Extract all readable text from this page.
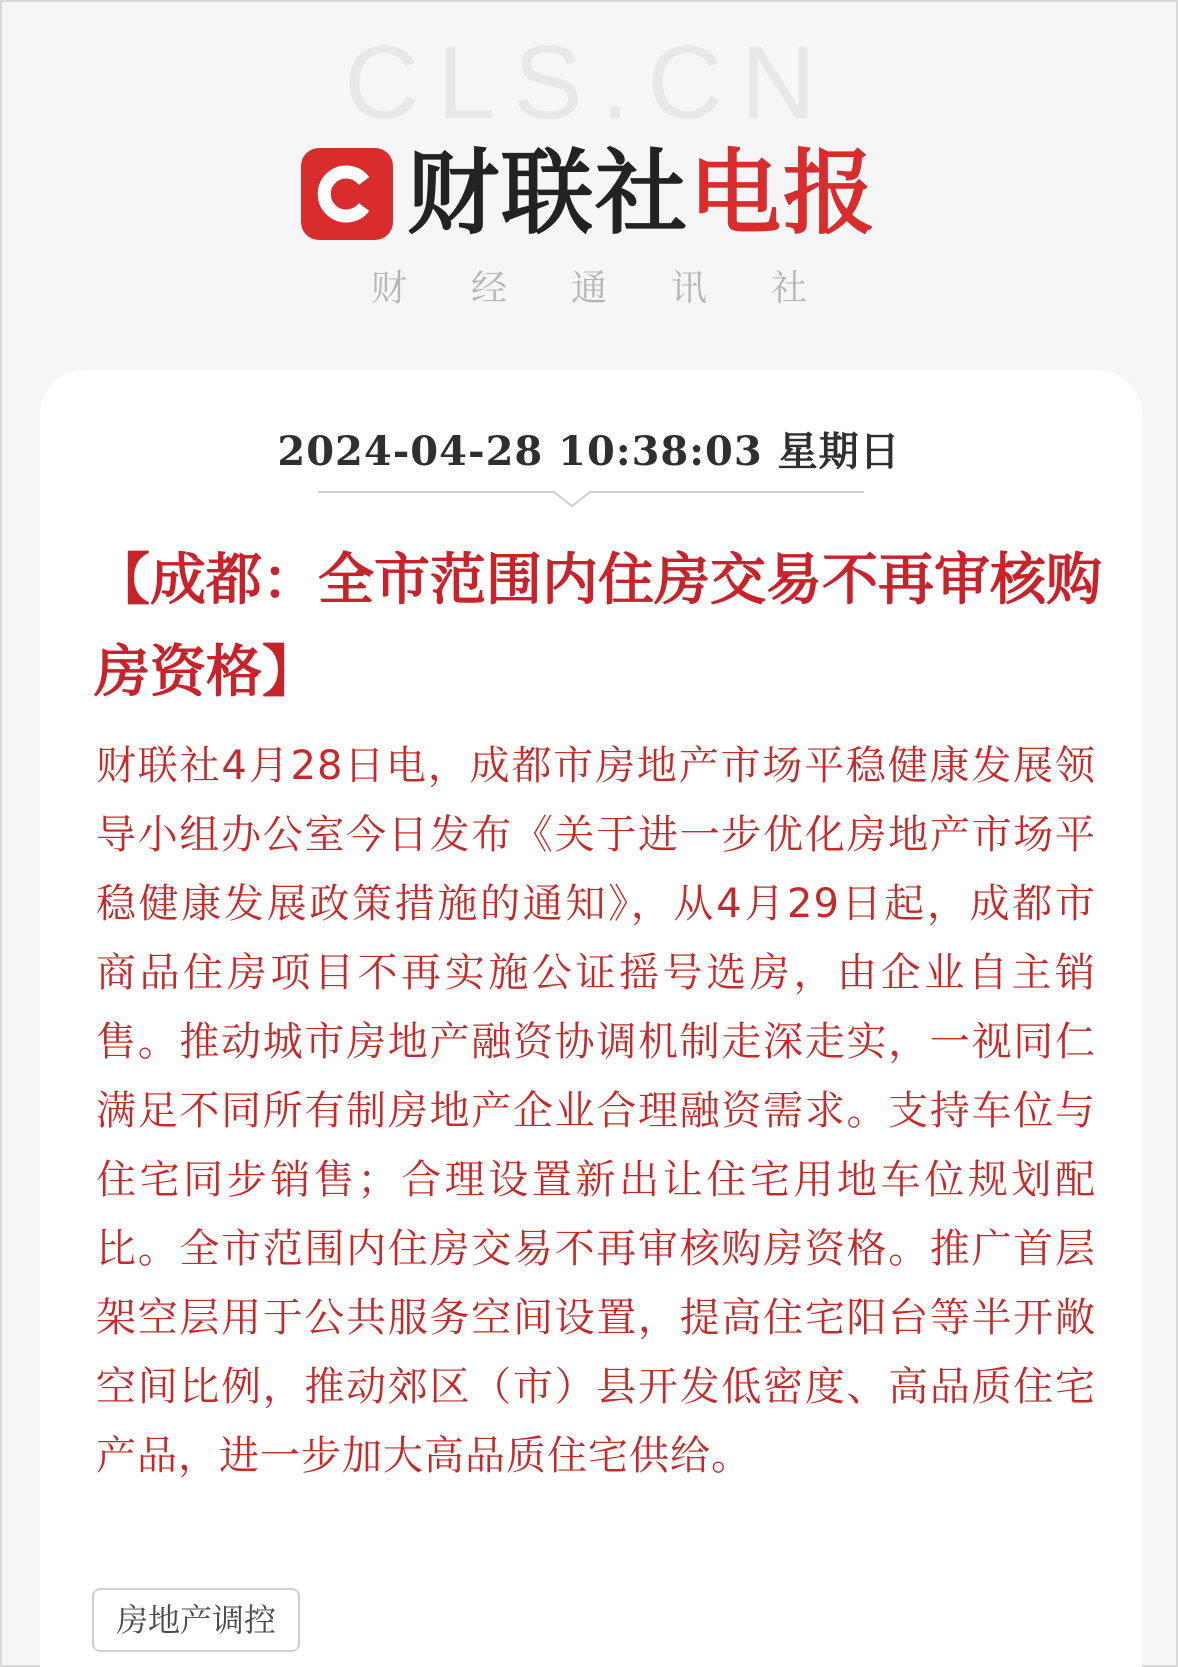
CLS.CN
财联社电报
财经通讯社
2024-04-28 10:38:03 星期日
【成都：全市范围内住房交易不再审核购房资格】
财联社4月28日电，成都市房地产市场平稳健康发展领导小组办公室今日发布《关于进一步优化房地产市场平稳健康发展政策措施的通知》，从4月29日起，成都市商品住房项目不再实施公证摇号选房，由企业自主销售。推动城市房地产融资协调机制走深走实，一视同仁满足不同所有制房地产企业合理融资需求。支持车位与住宅同步销售；合理设置新出让住宅用地车位规划配比。全市范围内住房交易不再审核购房资格。推广首层架空层用于公共服务空间设置，提高住宅阳台等半开敞空间比例，推动郊区（市）县开发低密度、高品质住宅产品，进一步加大高品质住宅供给。
房地产调控
